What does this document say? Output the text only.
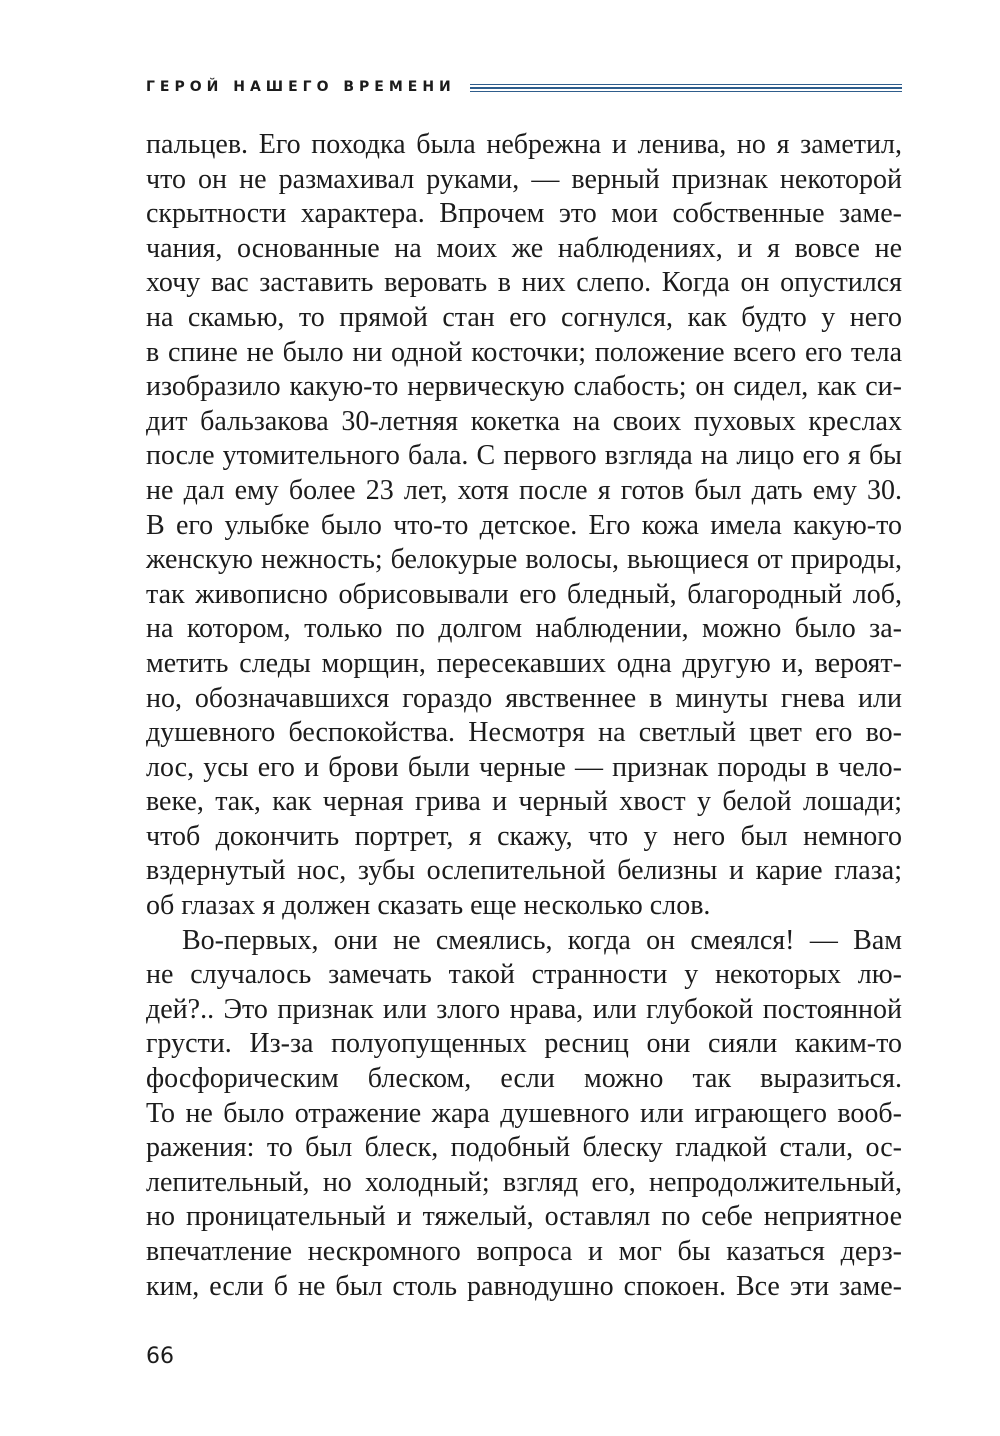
ГЕРОЙ НАШЕГО ВРЕМЕНИ

пальцев. Его походка была небрежна и ленива, но я заметил,
что он не размахивал руками, — верный признак некоторой
скрытности характера. Впрочем это мои собственные заме-
чания, основанные на моих же наблюдениях, и я вовсе не
хочу вас заставить веровать в них слепо. Когда он опустился
на скамью, то прямой стан его согнулся, как будто у него
в спине не было ни одной косточки; положение всего его тела
изобразило какую-то нервическую слабость; он сидел, как си-
дит бальзакова 30-летняя кокетка на своих пуховых креслах
после утомительного бала. С первого взгляда на лицо его я бы
не дал ему более 23 лет, хотя после я готов был дать ему 30.
В его улыбке было что-то детское. Его кожа имела какую-то
женскую нежность; белокурые волосы, вьющиеся от природы,
так живописно обрисовывали его бледный, благородный лоб,
на котором, только по долгом наблюдении, можно было за-
метить следы морщин, пересекавших одна другую и, вероят-
но, обозначавшихся гораздо явственнее в минуты гнева или
душевного беспокойства. Несмотря на светлый цвет его во-
лос, усы его и брови были черные — признак породы в чело-
веке, так, как черная грива и черный хвост у белой лошади;
чтоб докончить портрет, я скажу, что у него был немного
вздернутый нос, зубы ослепительной белизны и карие глаза;
об глазах я должен сказать еще несколько слов.

Во-первых, они не смеялись, когда он смеялся! — Вам
не случалось замечать такой странности у некоторых лю-
дей?.. Это признак или злого нрава, или глубокой постоянной
грусти. Из-за полуопущенных ресниц они сияли каким-то
фосфорическим блеском, если можно так выразиться.
То не было отражение жара душевного или играющего вооб-
ражения: то был блеск, подобный блеску гладкой стали, ос-
лепительный, но холодный; взгляд его, непродолжительный,
но проницательный и тяжелый, оставлял по себе неприятное
впечатление нескромного вопроса и мог бы казаться дерз-
ким, если б не был столь равнодушно спокоен. Все эти заме-

66
